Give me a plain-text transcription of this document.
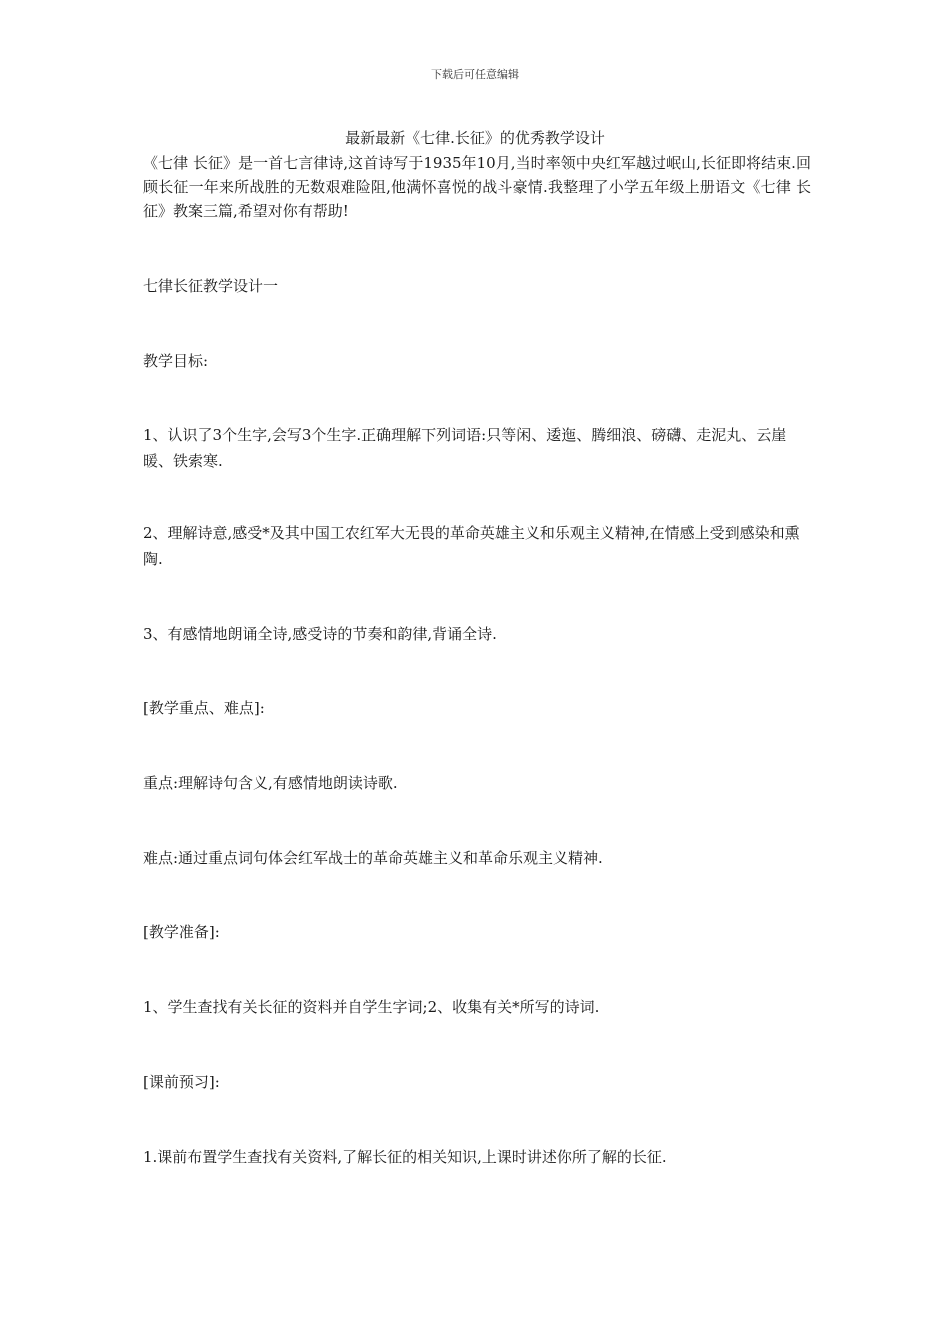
下载后可任意编辑
最新最新《七律.长征》的优秀教学设计
《七律 长征》是一首七言律诗,这首诗写于1935年10月,当时率领中央红军越过岷山,长征即将结束.回顾长征一年来所战胜的无数艰难险阻,他满怀喜悦的战斗豪情.我整理了小学五年级上册语文《七律 长征》教案三篇,希望对你有帮助!

七律长征教学设计一

教学目标:

1、认识了3个生字,会写3个生字.正确理解下列词语:只等闲、逶迤、腾细浪、磅礴、走泥丸、云崖暖、铁索寒.

2、理解诗意,感受*及其中国工农红军大无畏的革命英雄主义和乐观主义精神,在情感上受到感染和熏陶.

3、有感情地朗诵全诗,感受诗的节奏和韵律,背诵全诗.

[教学重点、难点]:

重点:理解诗句含义,有感情地朗读诗歌.

难点:通过重点词句体会红军战士的革命英雄主义和革命乐观主义精神.

[教学准备]:

1、学生查找有关长征的资料并自学生字词;2、收集有关*所写的诗词.

[课前预习]:

1.课前布置学生查找有关资料,了解长征的相关知识,上课时讲述你所了解的长征.
